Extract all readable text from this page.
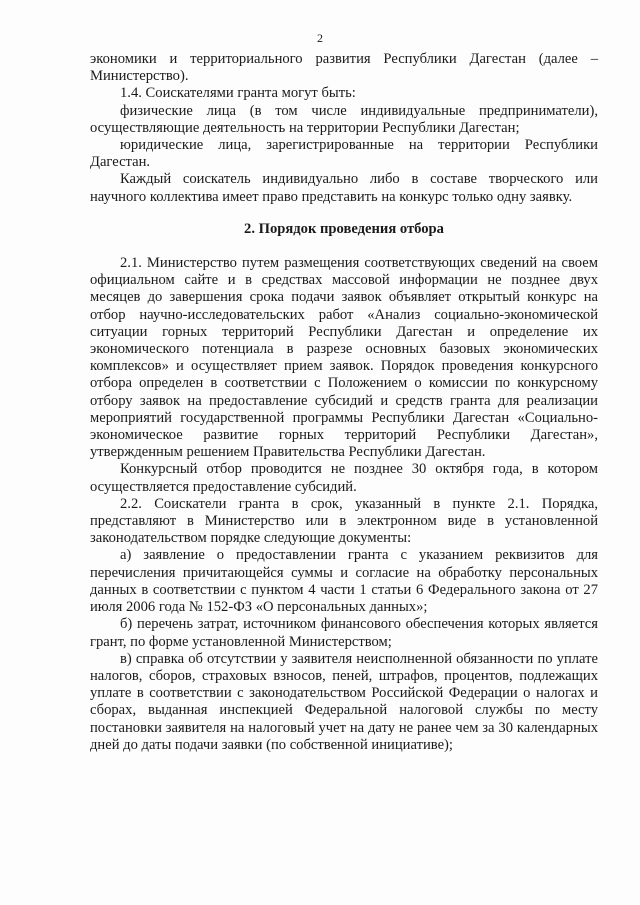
2

экономики и территориального развития Республики Дагестан (далее – Министерство).

1.4. Соискателями гранта могут быть:

физические лица (в том числе индивидуальные предприниматели), осуществляющие деятельность на территории Республики Дагестан;

юридические лица, зарегистрированные на территории Республики Дагестан.

Каждый соискатель индивидуально либо в составе творческого или научного коллектива имеет право представить на конкурс только одну заявку.

2. Порядок проведения отбора

2.1. Министерство путем размещения соответствующих сведений на своем официальном сайте и в средствах массовой информации не позднее двух месяцев до завершения срока подачи заявок объявляет открытый конкурс на отбор научно-исследовательских работ «Анализ социально-экономической ситуации горных территорий Республики Дагестан и определение их экономического потенциала в разрезе основных базовых экономических комплексов» и осуществляет прием заявок. Порядок проведения конкурсного отбора определен в соответствии с Положением о комиссии по конкурсному отбору заявок на предоставление субсидий и средств гранта для реализации мероприятий государственной программы Республики Дагестан «Социально-экономическое развитие горных территорий Республики Дагестан», утвержденным решением Правительства Республики Дагестан.

Конкурсный отбор проводится не позднее 30 октября года, в котором осуществляется предоставление субсидий.

2.2. Соискатели гранта в срок, указанный в пункте 2.1. Порядка, представляют в Министерство или в электронном виде в установленной законодательством порядке следующие документы:

а) заявление о предоставлении гранта с указанием реквизитов для перечисления причитающейся суммы и согласие на обработку персональных данных в соответствии с пунктом 4 части 1 статьи 6 Федерального закона от 27 июля 2006 года № 152-ФЗ «О персональных данных»;

б) перечень затрат, источником финансового обеспечения которых является грант, по форме установленной Министерством;

в) справка об отсутствии у заявителя неисполненной обязанности по уплате налогов, сборов, страховых взносов, пеней, штрафов, процентов, подлежащих уплате в соответствии с законодательством Российской Федерации о налогах и сборах, выданная инспекцией Федеральной налоговой службы по месту постановки заявителя на налоговый учет на дату не ранее чем за 30 календарных дней до даты подачи заявки (по собственной инициативе);
